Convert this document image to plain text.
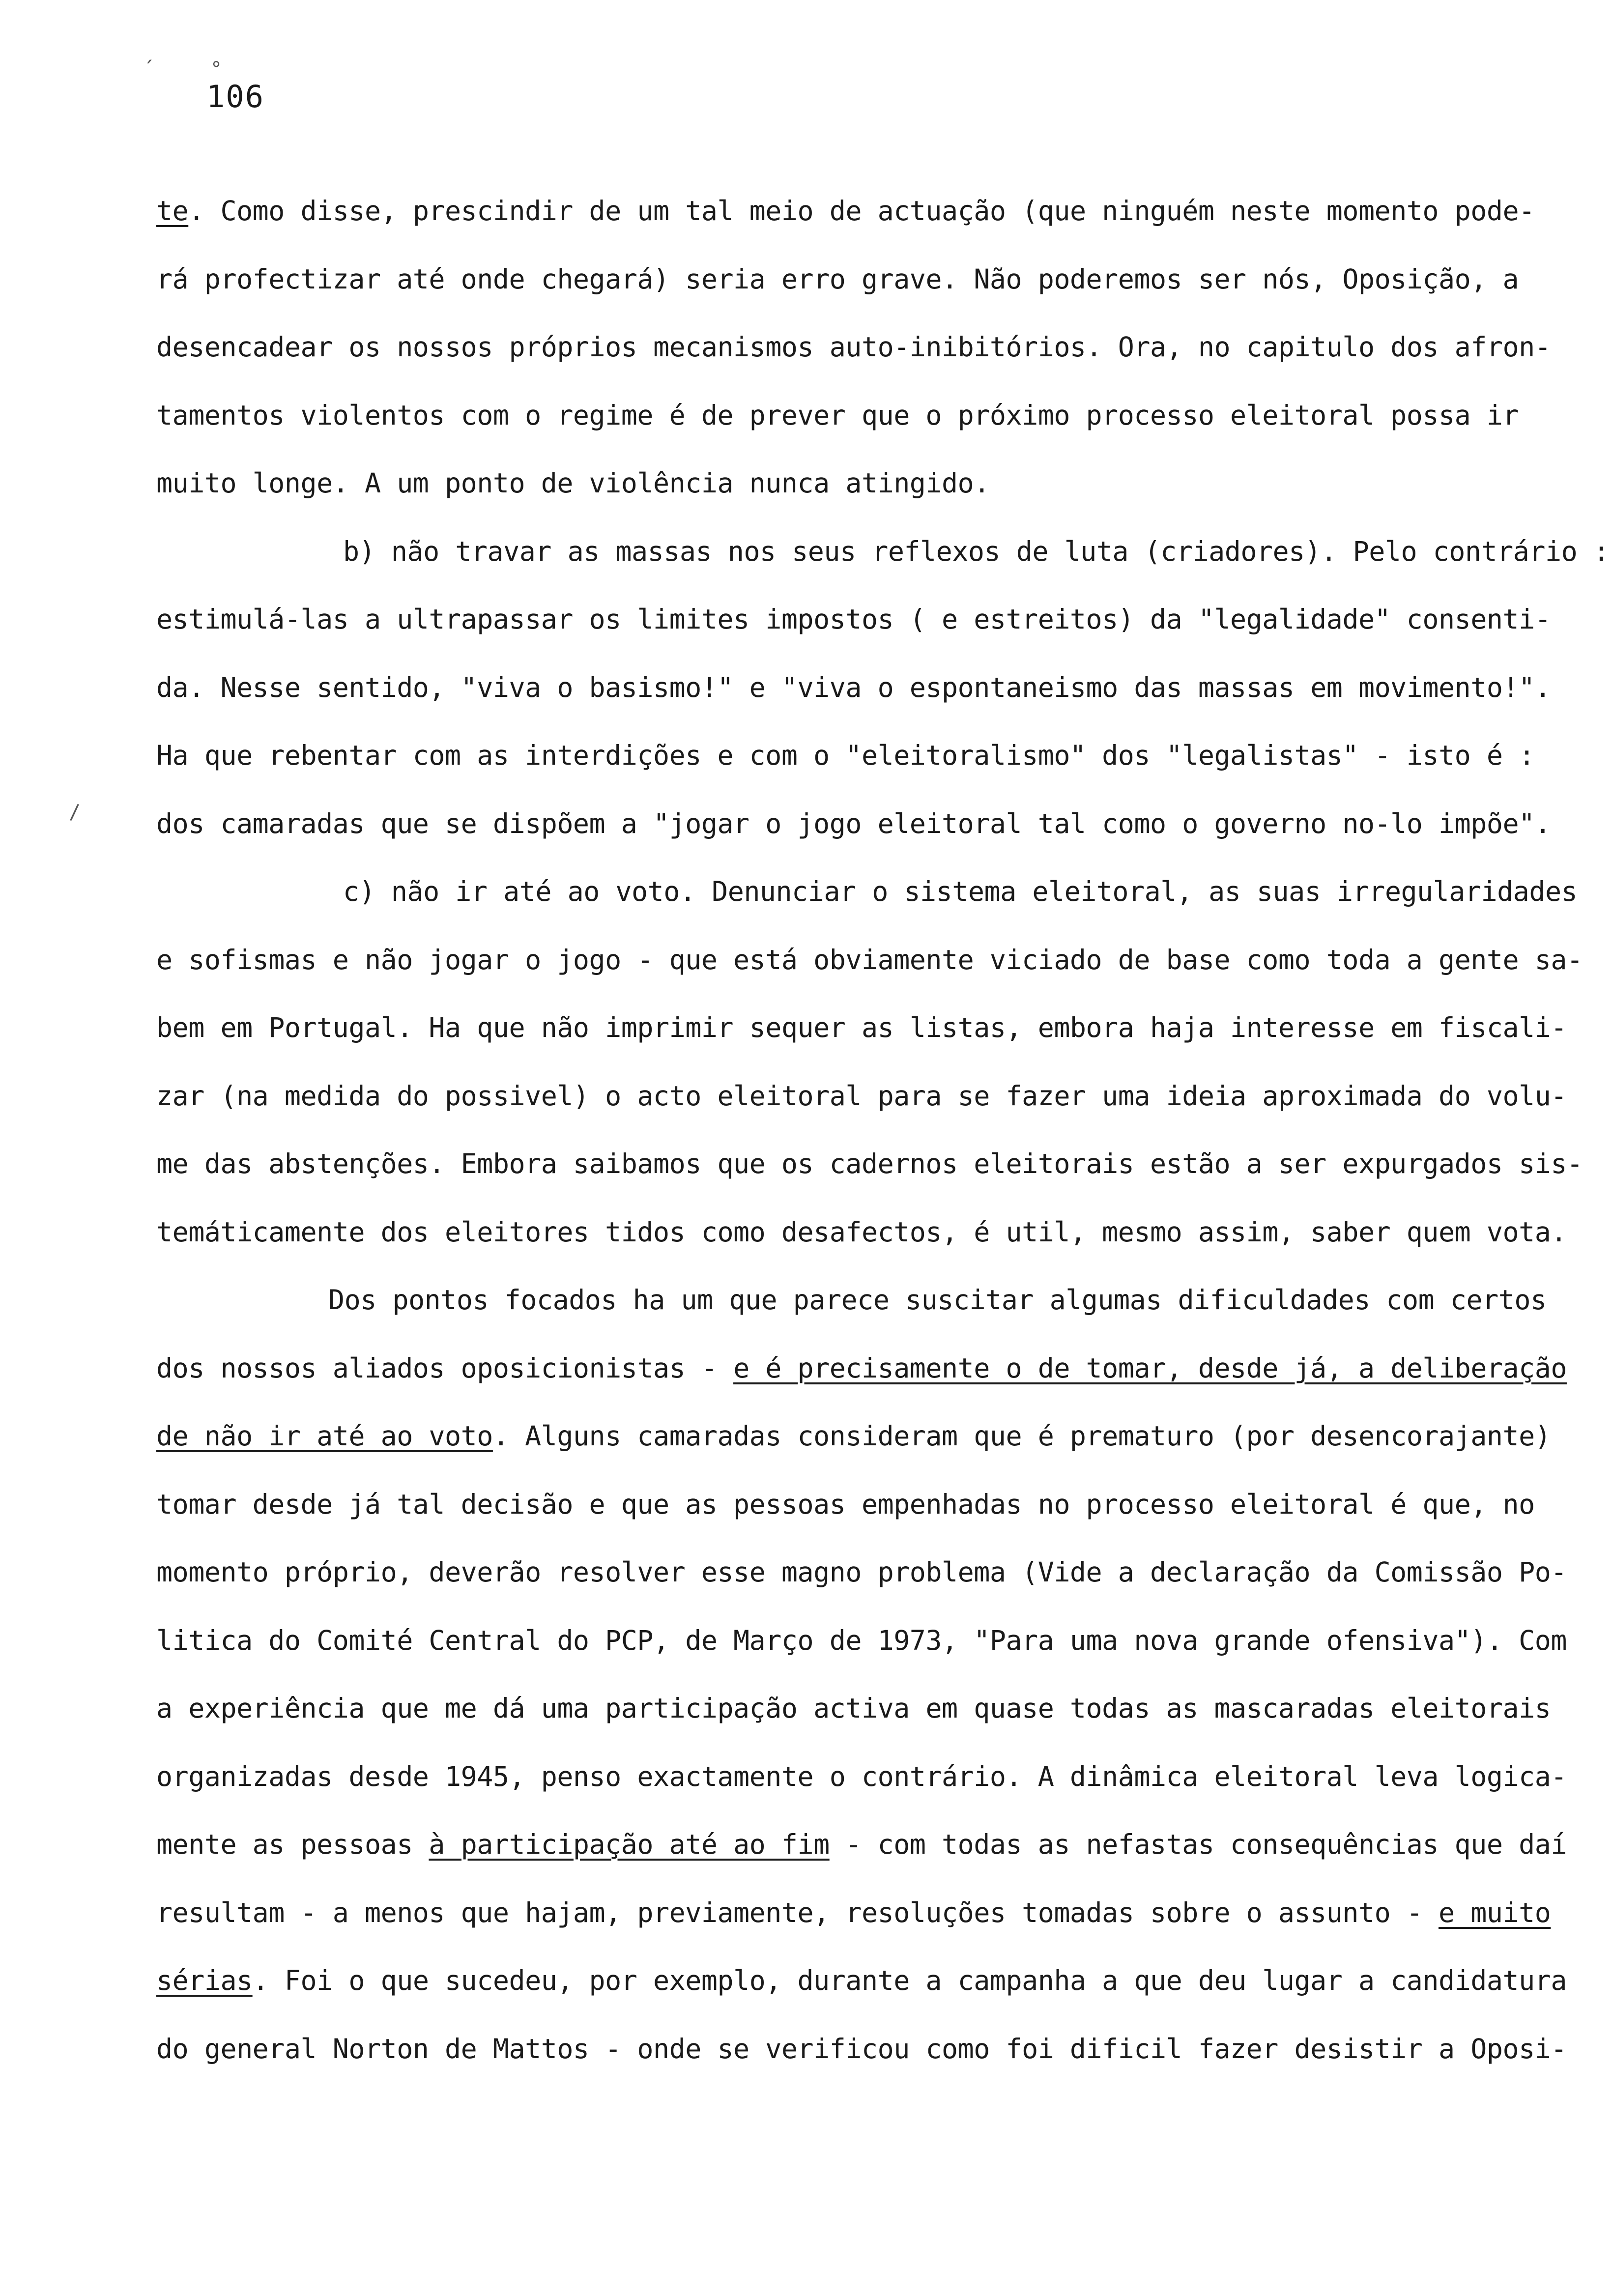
°
´
/
106
te. Como disse, prescindir de um tal meio de actuação (que ninguém neste momento pode-
rá profectizar até onde chegará) seria erro grave. Não poderemos ser nós, Oposição, a
desencadear os nossos próprios mecanismos auto-inibitórios. Ora, no capitulo dos afron-
tamentos violentos com o regime é de prever que o próximo processo eleitoral possa ir
muito longe. A um ponto de violência nunca atingido.
b) não travar as massas nos seus reflexos de luta (criadores). Pelo contrário :
estimulá-las a ultrapassar os limites impostos ( e estreitos) da "legalidade" consenti-
da. Nesse sentido, "viva o basismo!" e "viva o espontaneismo das massas em movimento!".
Ha que rebentar com as interdições e com o "eleitoralismo" dos "legalistas" - isto é :
dos camaradas que se dispõem a "jogar o jogo eleitoral tal como o governo no-lo impõe".
c) não ir até ao voto. Denunciar o sistema eleitoral, as suas irregularidades
e sofismas e não jogar o jogo - que está obviamente viciado de base como toda a gente sa-
bem em Portugal. Ha que não imprimir sequer as listas, embora haja interesse em fiscali-
zar (na medida do possivel) o acto eleitoral para se fazer uma ideia aproximada do volu-
me das abstenções. Embora saibamos que os cadernos eleitorais estão a ser expurgados sis-
temáticamente dos eleitores tidos como desafectos, é util, mesmo assim, saber quem vota.
Dos pontos focados ha um que parece suscitar algumas dificuldades com certos
dos nossos aliados oposicionistas - e é precisamente o de tomar, desde já, a deliberação
de não ir até ao voto. Alguns camaradas consideram que é prematuro (por desencorajante)
tomar desde já tal decisão e que as pessoas empenhadas no processo eleitoral é que, no
momento próprio, deverão resolver esse magno problema (Vide a declaração da Comissão Po-
litica do Comité Central do PCP, de Março de 1973, "Para uma nova grande ofensiva"). Com
a experiência que me dá uma participação activa em quase todas as mascaradas eleitorais
organizadas desde 1945, penso exactamente o contrário. A dinâmica eleitoral leva logica-
mente as pessoas à participação até ao fim - com todas as nefastas consequências que daí
resultam - a menos que hajam, previamente, resoluções tomadas sobre o assunto - e muito
sérias. Foi o que sucedeu, por exemplo, durante a campanha a que deu lugar a candidatura
do general Norton de Mattos - onde se verificou como foi dificil fazer desistir a Oposi-
